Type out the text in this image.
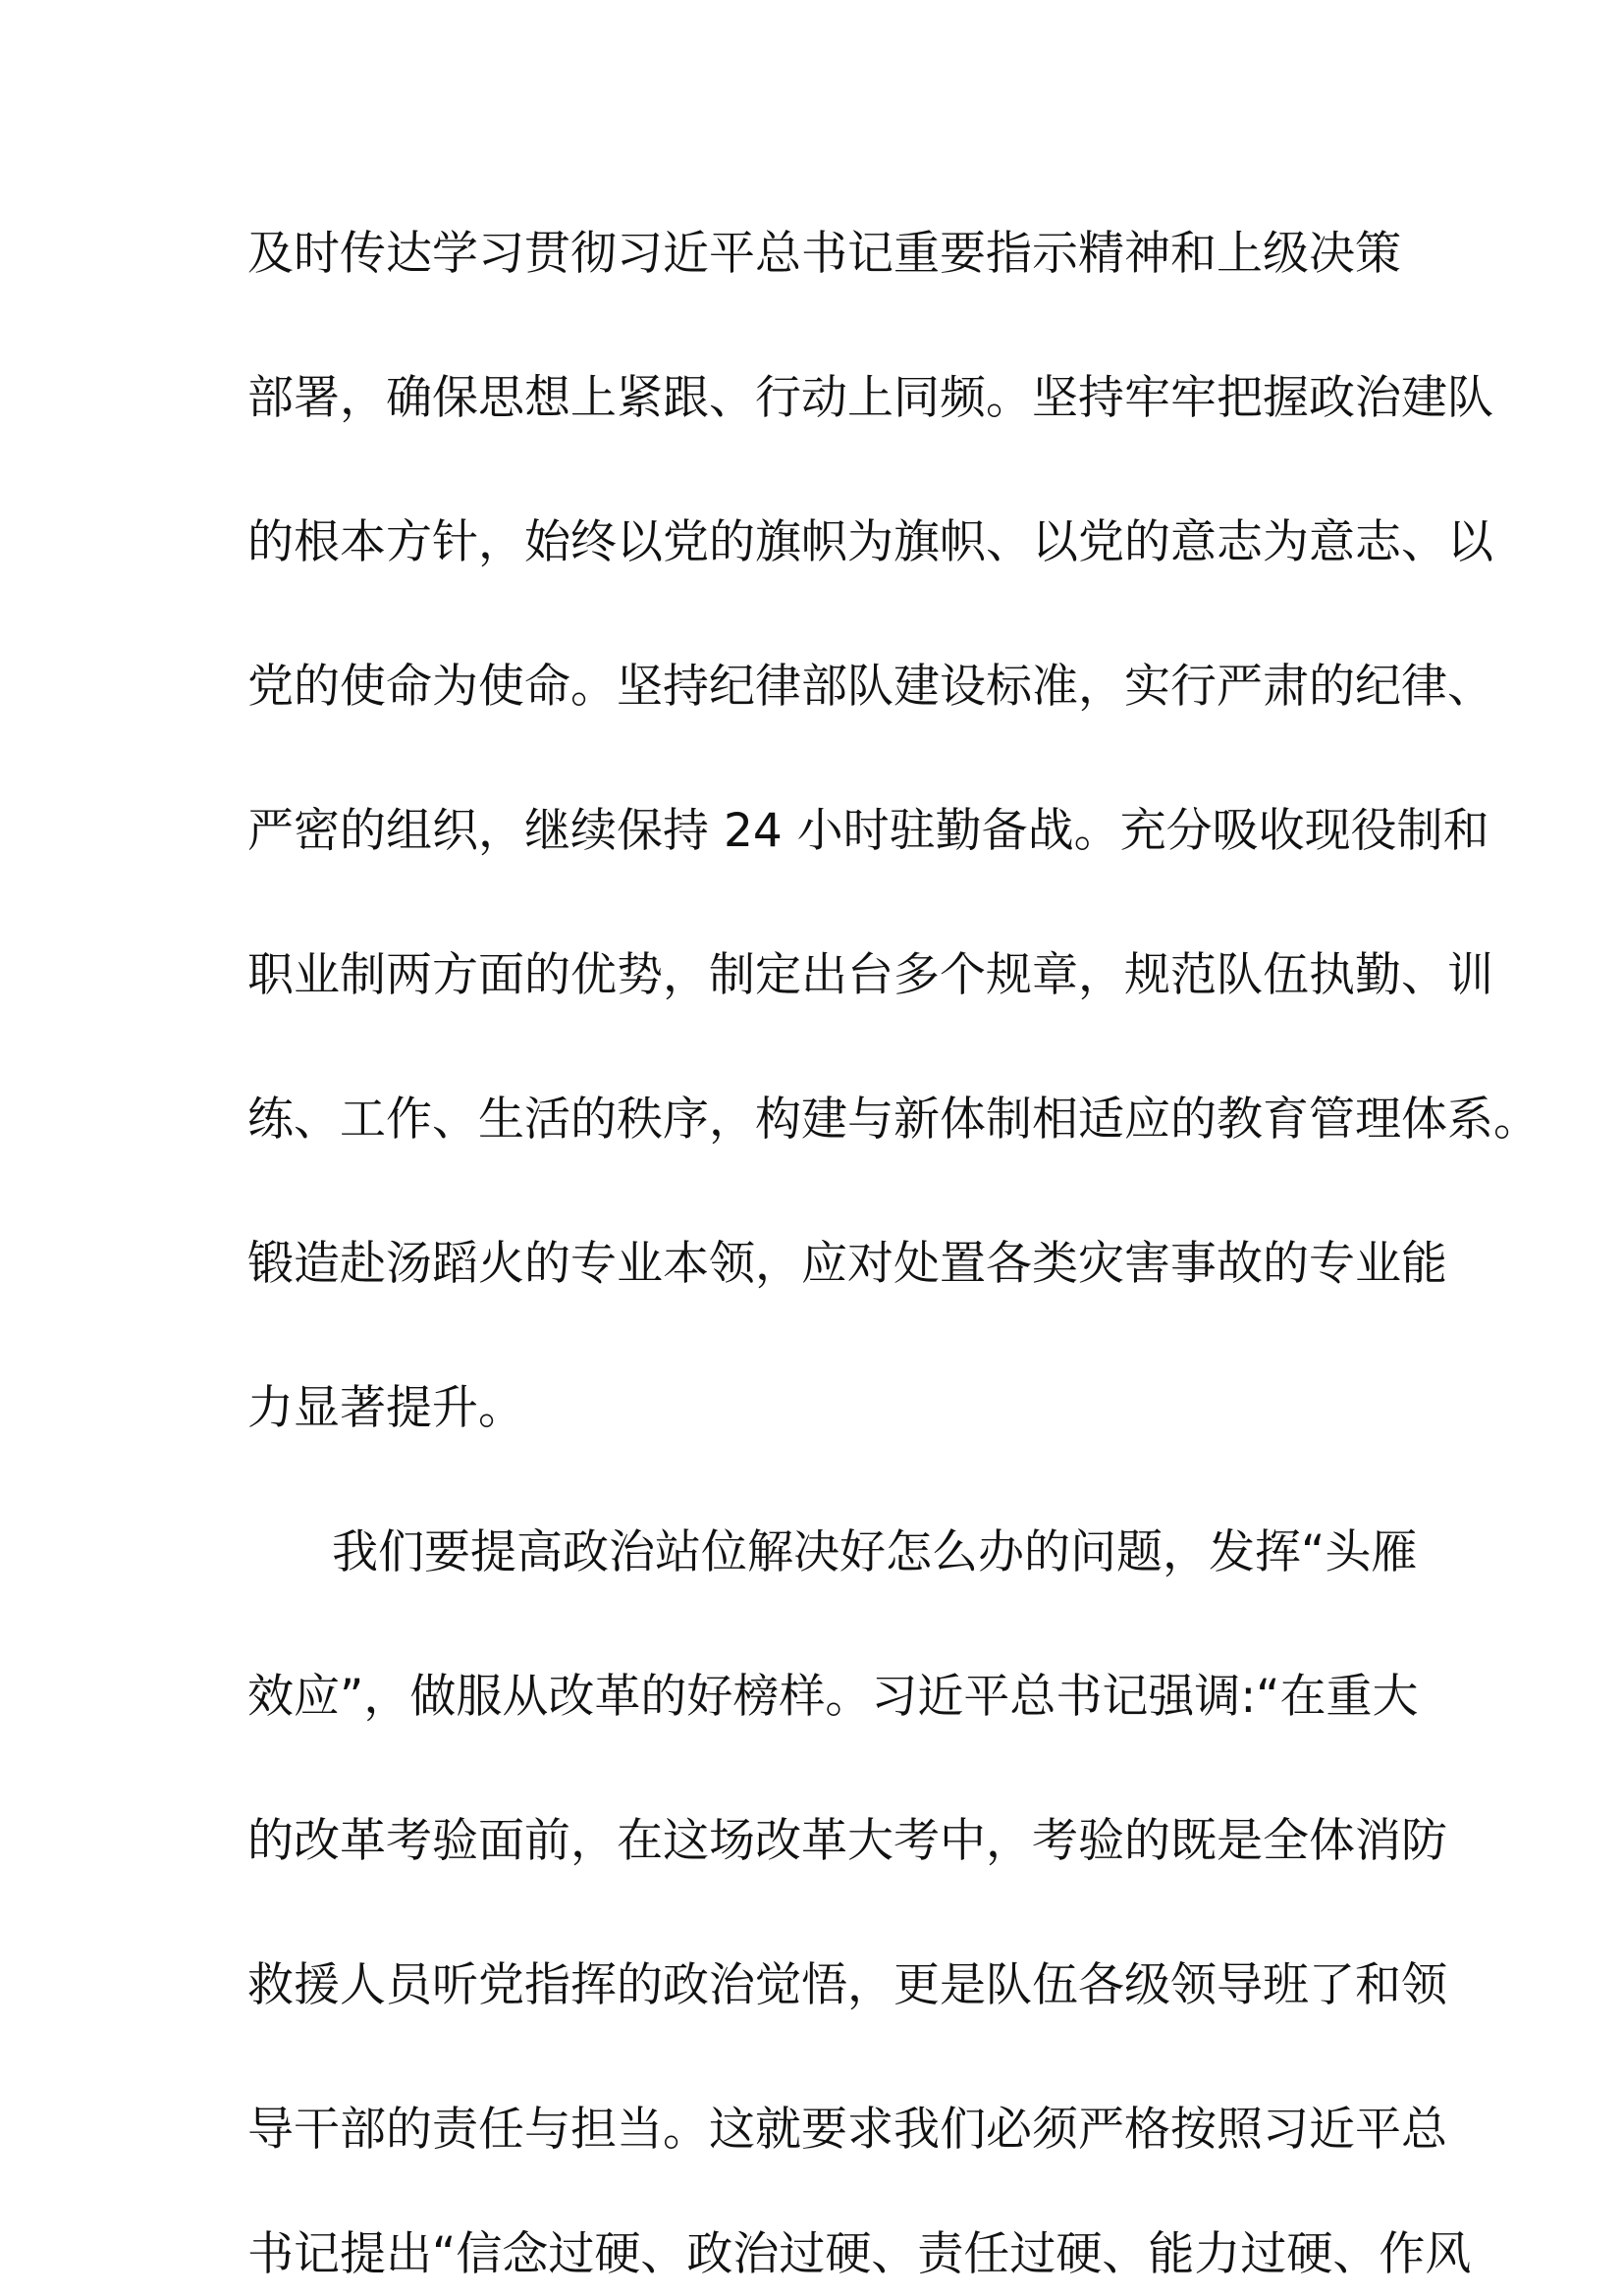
及时传达学习贯彻习近平总书记重要指示精神和上级决策
部署，确保思想上紧跟、行动上同频。坚持牢牢把握政治建队
的根本方针，始终以党的旗帜为旗帜、以党的意志为意志、以
党的使命为使命。坚持纪律部队建设标准，实行严肃的纪律、
严密的组织，继续保持 24 小时驻勤备战。充分吸收现役制和
职业制两方面的优势，制定出台多个规章，规范队伍执勤、训
练、工作、生活的秩序，构建与新体制相适应的教育管理体系。
锻造赴汤蹈火的专业本领，应对处置各类灾害事故的专业能
力显著提升。
我们要提高政治站位解决好怎么办的问题，发挥“头雁
效应”，做服从改革的好榜样。习近平总书记强调:“在重大
的改革考验面前，在这场改革大考中，考验的既是全体消防
救援人员听党指挥的政治觉悟，更是队伍各级领导班了和领
导干部的责任与担当。这就要求我们必须严格按照习近平总
书记提出“信念过硬、政治过硬、责任过硬、能力过硬、作风
